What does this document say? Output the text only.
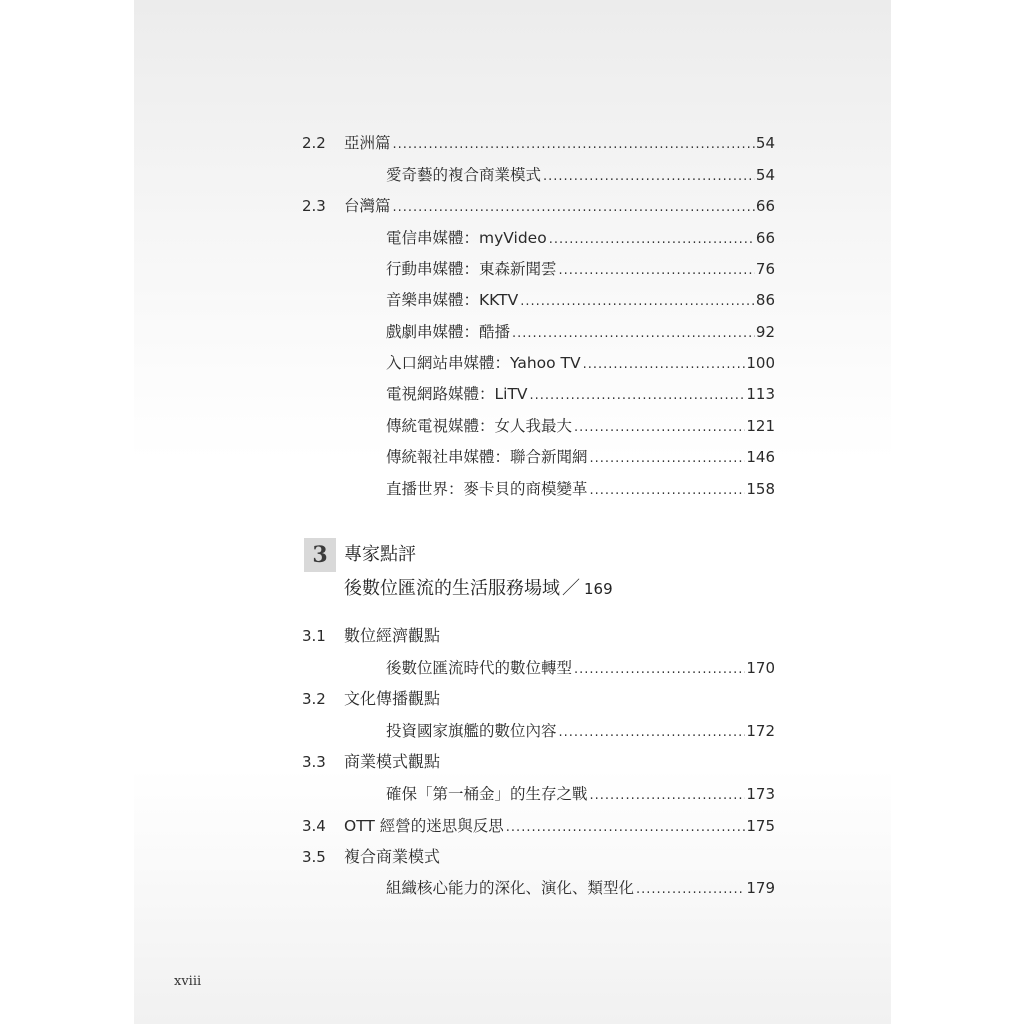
2.2 亞洲篇 .....	54
愛奇藝的複合商業模式 .....	54
2.3 台灣篇 .....	66
電信串媒體：myVideo .....	66
行動串媒體：東森新聞雲 .....	76
音樂串媒體：KKTV .....	86
戲劇串媒體：酷播 .....	92
入口網站串媒體：Yahoo TV .....	100
電視網路媒體：LiTV .....	113
傳統電視媒體：女人我最大 .....	121
傳統報社串媒體：聯合新聞網 .....	146
直播世界：麥卡貝的商模變革 .....	158
3 專家點評
後數位匯流的生活服務場域 ／ 169
3.1 數位經濟觀點
後數位匯流時代的數位轉型 .....	170
3.2 文化傳播觀點
投資國家旗艦的數位內容 .....	172
3.3 商業模式觀點
確保「第一桶金」的生存之戰 .....	173
3.4 OTT 經營的迷思與反思 .....	175
3.5 複合商業模式
組織核心能力的深化、演化、類型化 .....	179
xviii
